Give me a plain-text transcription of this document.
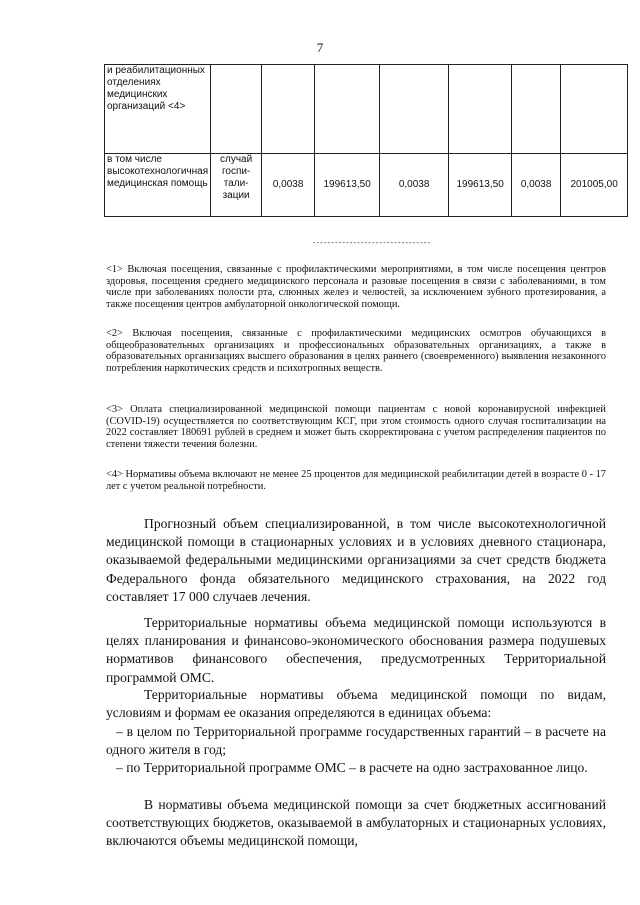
7
и реабилитационных отделениях медицинских организаций <4>							
в том числе высокотехнологичная медицинская помощь	случай госпи-тали-зации	0,0038	199613,50	0,0038	199613,50	0,0038	201005,00
--------------------------------
<1> Включая посещения, связанные с профилактическими мероприятиями, в том числе посещения центров здоровья, посещения среднего медицинского персонала и разовые посещения в связи с заболеваниями, в том числе при заболеваниях полости рта, слюнных желез и челюстей, за исключением зубного протезирования, а также посещения центров амбулаторной онкологической помощи.
<2> Включая посещения, связанные с профилактическими медицинских осмотров обучающихся в общеобразовательных организациях и профессиональных образовательных организациях, а также в образовательных организациях высшего образования в целях раннего (своевременного) выявления незаконного потребления наркотических средств и психотропных веществ.
<3> Оплата специализированной медицинской помощи пациентам с новой коронавирусной инфекцией (COVID-19) осуществляется по соответствующим КСГ, при этом стоимость одного случая госпитализации на 2022 составляет 180691 рублей в среднем и может быть скорректирована с учетом распределения пациентов по степени тяжести течения болезни.
<4> Нормативы объема включают не менее 25 процентов для медицинской реабилитации детей в возрасте 0 - 17 лет с учетом реальной потребности.
Прогнозный объем специализированной, в том числе высокотехнологичной медицинской помощи в стационарных условиях и в условиях дневного стационара, оказываемой федеральными медицинскими организациями за счет средств бюджета Федерального фонда обязательного медицинского страхования, на 2022 год составляет 17 000 случаев лечения.
Территориальные нормативы объема медицинской помощи используются в целях планирования и финансово-экономического обоснования размера подушевых нормативов финансового обеспечения, предусмотренных Территориальной программой ОМС.
Территориальные нормативы объема медицинской помощи по видам, условиям и формам ее оказания определяются в единицах объема:
– в целом по Территориальной программе государственных гарантий – в расчете на одного жителя в год;
– по Территориальной программе ОМС – в расчете на одно застрахованное лицо.
В нормативы объема медицинской помощи за счет бюджетных ассигнований соответствующих бюджетов, оказываемой в амбулаторных и стационарных условиях, включаются объемы медицинской помощи,
